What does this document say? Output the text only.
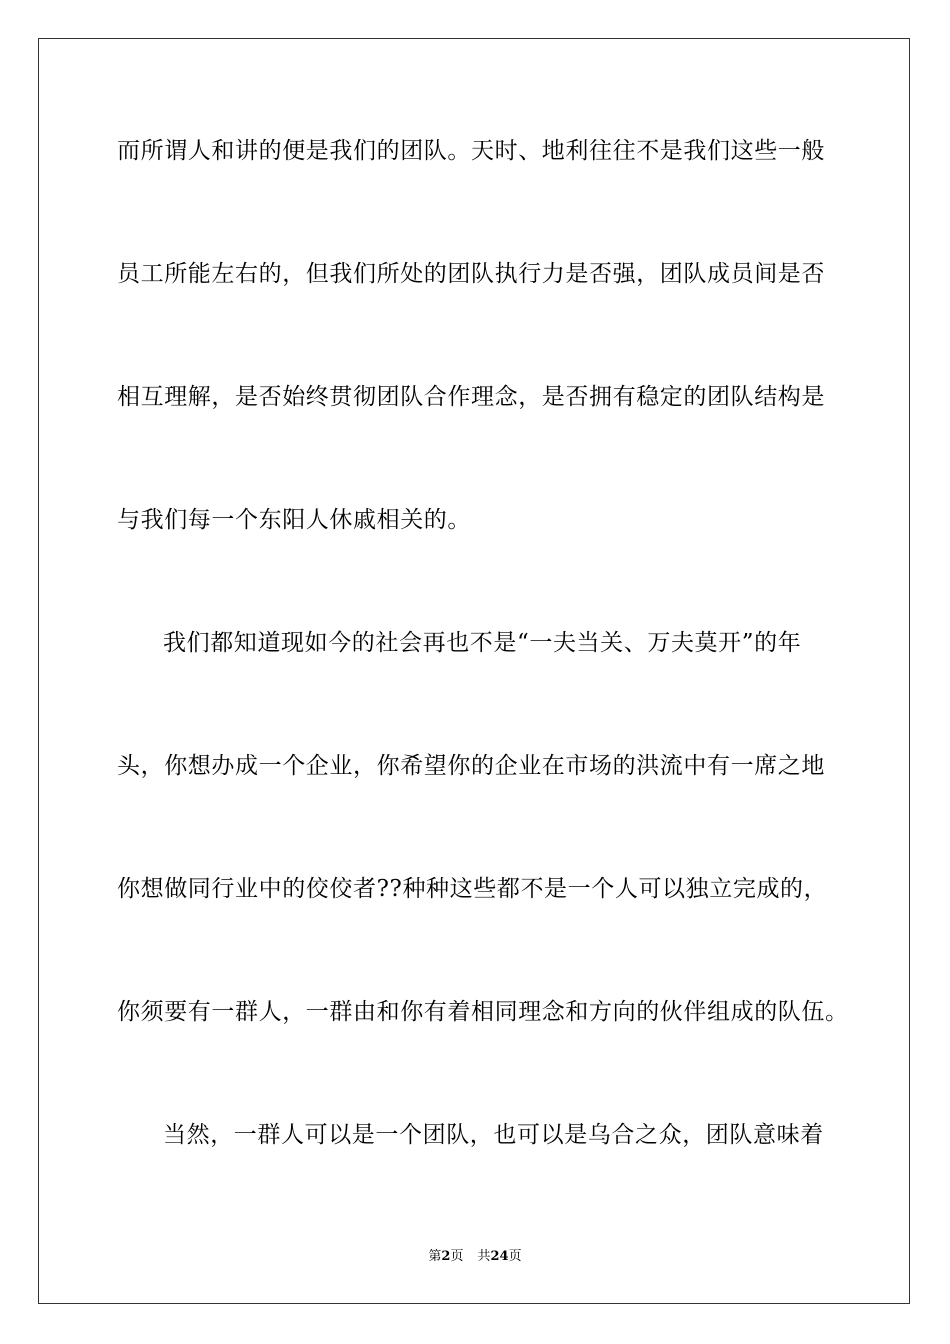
而所谓人和讲的便是我们的团队。天时、地利往往不是我们这些一般
员工所能左右的，但我们所处的团队执行力是否强，团队成员间是否
相互理解，是否始终贯彻团队合作理念，是否拥有稳定的团队结构是
与我们每一个东阳人休戚相关的。
我们都知道现如今的社会再也不是“一夫当关、万夫莫开”的年
头，你想办成一个企业，你希望你的企业在市场的洪流中有一席之地
你想做同行业中的佼佼者??种种这些都不是一个人可以独立完成的，
你须要有一群人，一群由和你有着相同理念和方向的伙伴组成的队伍。
当然，一群人可以是一个团队，也可以是乌合之众，团队意味着
第2页 共24页
